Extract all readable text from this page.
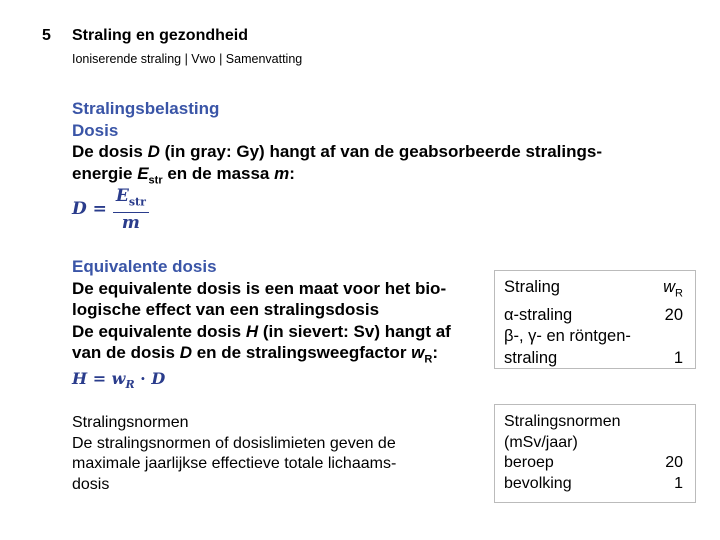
5 Straling en gezondheid
Ioniserende straling | Vwo | Samenvatting
Stralingsbelasting
Dosis
De dosis D (in gray: Gy) hangt af van de geabsorbeerde stralings-
energie $E_{str}$ en de massa m:
$D = \frac{E_{str}}{m}$
Equivalente dosis
De equivalente dosis is een maat voor het bio-
logische effect van een stralingsdosis
De equivalente dosis H (in sievert: Sv) hangt af
van de dosis D en de stralingsweegfactor $w_R$:
$H = w_R \cdot D$
Straling	$w_R$
α-straling	20
β-, γ- en röntgen-
straling	1
Stralingsnormen
De stralingsnormen of dosislimieten geven de
maximale jaarlijkse effectieve totale lichaams-
dosis
Stralingsnormen
(mSv/jaar)
beroep	20
bevolking	1
